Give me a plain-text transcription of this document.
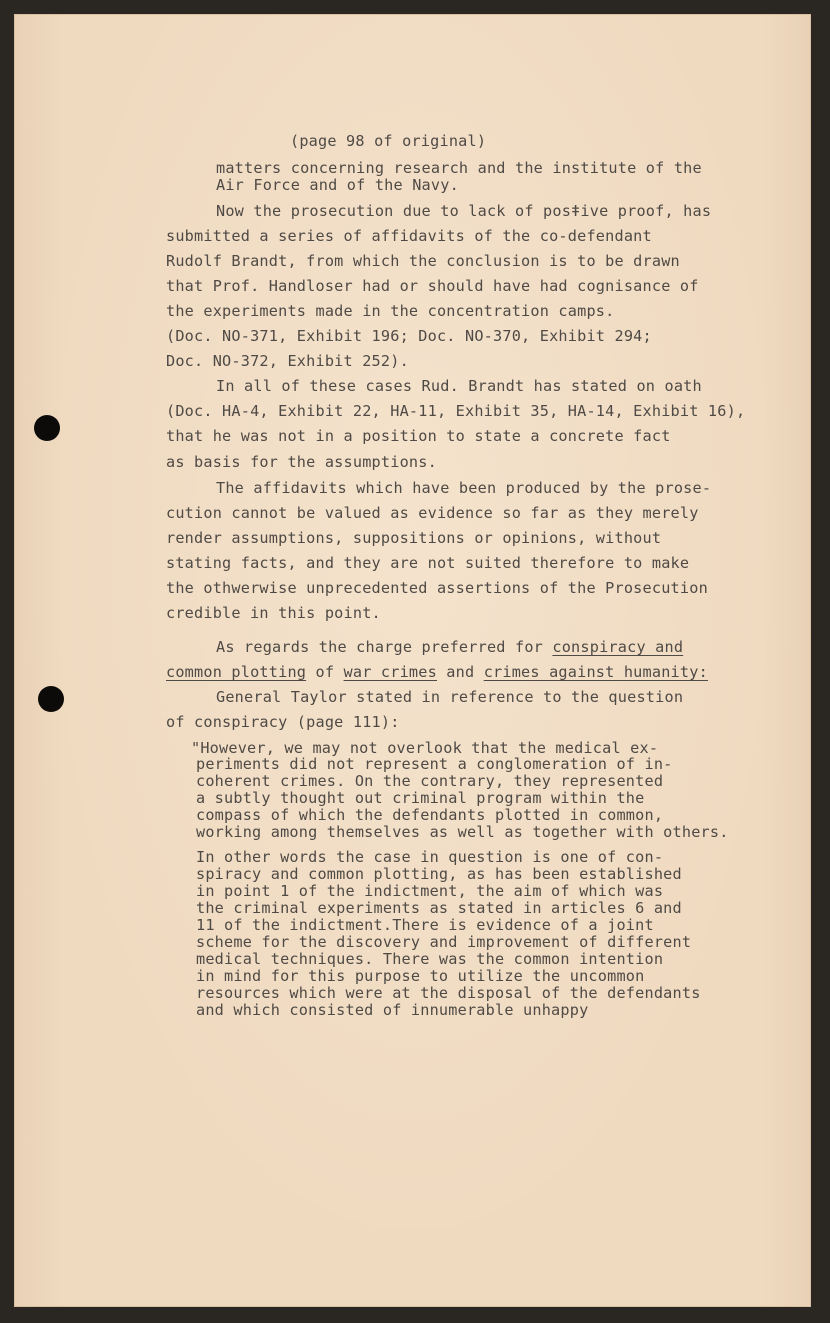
(page 98 of original)

matters concerning research and the institute of the

Air Force and of the Navy.

Now the prosecution due to lack of posǂive proof, has

submitted a series of affidavits of the co-defendant

Rudolf Brandt, from which the conclusion is to be drawn

that Prof. Handloser had or should have had cognisance of

the experiments made in the concentration camps.

(Doc. NO-371, Exhibit 196; Doc. NO-370, Exhibit 294;

Doc. NO-372, Exhibit 252).

In all of these cases Rud. Brandt has stated on oath

(Doc. HA-4, Exhibit 22, HA-11, Exhibit 35, HA-14, Exhibit 16),

that he was not in a position to state a concrete fact

as basis for the assumptions.

The affidavits which have been produced by the prose-

cution cannot be valued as evidence so far as they merely

render assumptions, suppositions or opinions, without

stating facts, and they are not suited therefore to make

the othwerwise unprecedented assertions of the Prosecution

credible in this point.

As regards the charge preferred for conspiracy and

common plotting of war crimes and crimes against humanity:

General Taylor stated in reference to the question

of conspiracy (page 111):

"However, we may not overlook that the medical ex-

periments did not represent a conglomeration of in-

coherent crimes. On the contrary, they represented

a subtly thought out criminal program within the

compass of which the defendants plotted in common,

working among themselves as well as together with others.

In other words the case in question is one of con-

spiracy and common plotting, as has been established

in point 1 of the indictment, the aim of which was

the criminal experiments as stated in articles 6 and

11 of the indictment.There is evidence of a joint

scheme for the discovery and improvement of different

medical techniques. There was the common intention

in mind for this purpose to utilize the uncommon

resources which were at the disposal of the defendants

and which consisted of innumerable unhappy
